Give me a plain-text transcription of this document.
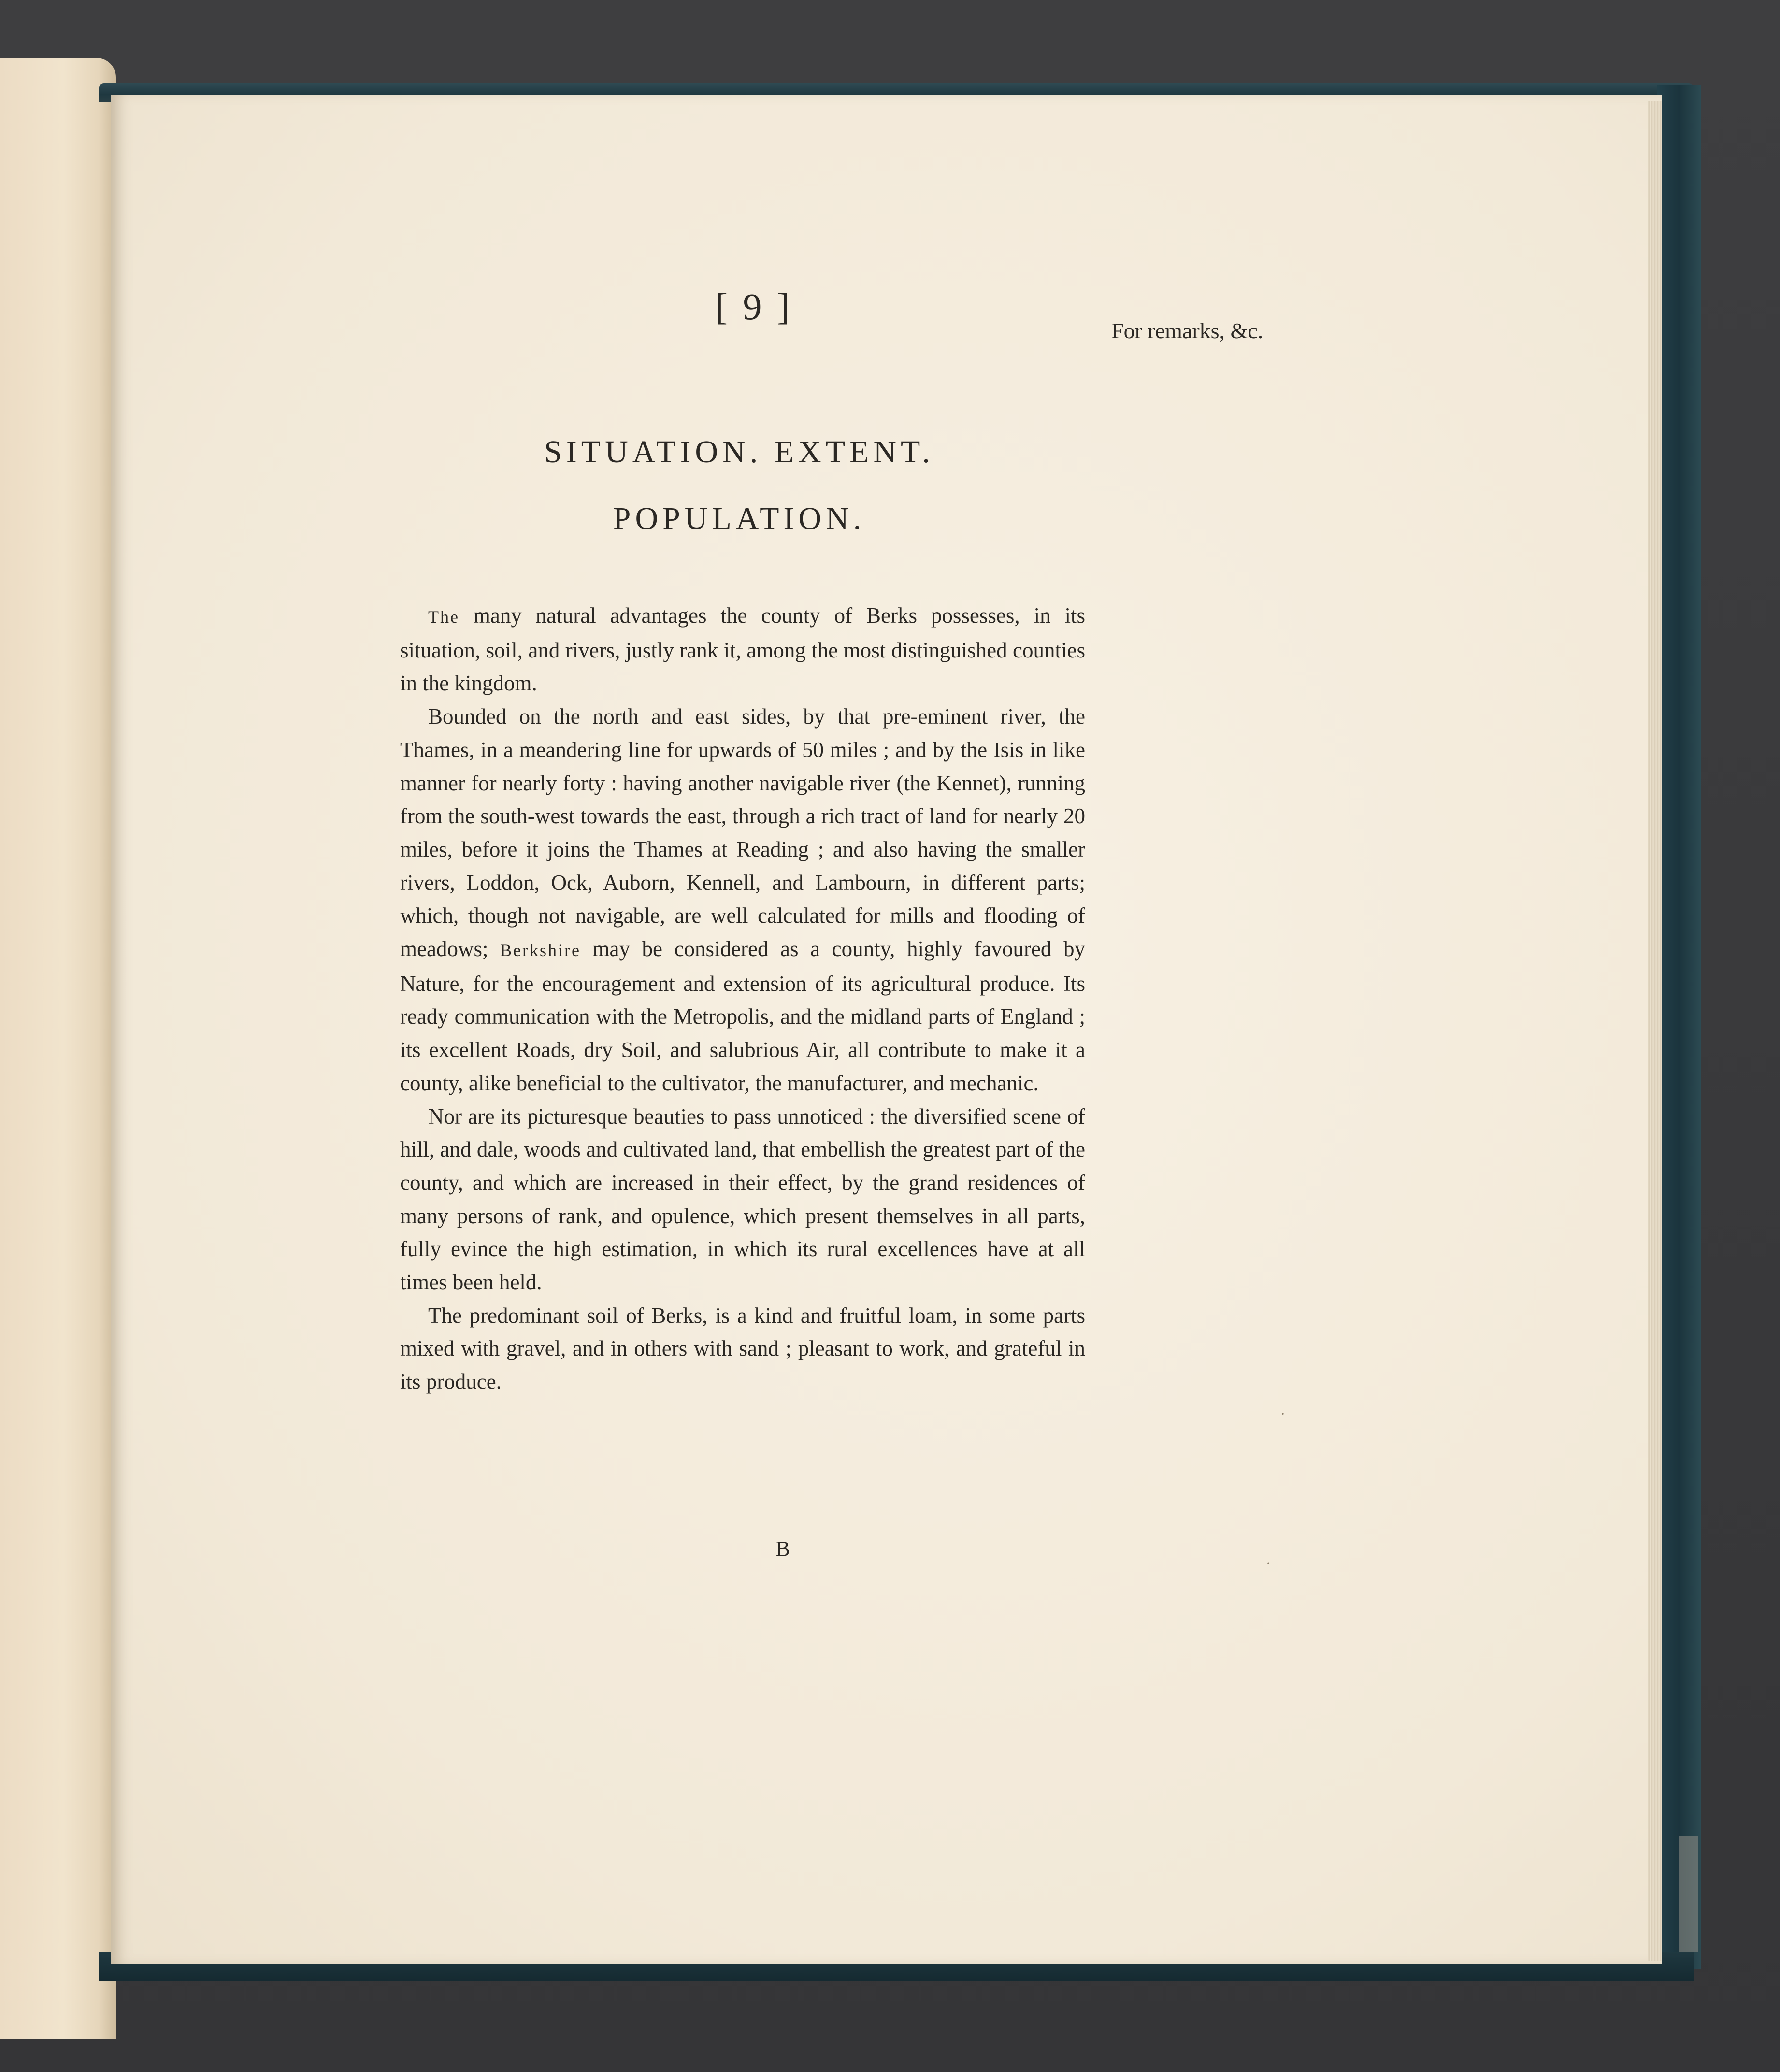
[ 9 ]
For remarks, &c.
SITUATION. EXTENT.
POPULATION.

The many natural advantages the county of Berks possesses, in its situation, soil, and rivers, justly rank it, among the most distinguished counties in the kingdom.

Bounded on the north and east sides, by that pre-eminent river, the Thames, in a meandering line for upwards of 50 miles ; and by the Isis in like manner for nearly forty : having another navigable river (the Kennet), running from the south-west towards the east, through a rich tract of land for nearly 20 miles, before it joins the Thames at Reading ; and also having the smaller rivers, Loddon, Ock, Auborn, Kennell, and Lambourn, in different parts; which, though not navigable, are well calculated for mills and flooding of meadows; Berkshire may be considered as a county, highly favoured by Nature, for the encouragement and extension of its agricultural produce. Its ready communication with the Metropolis, and the midland parts of England ; its excellent Roads, dry Soil, and salubrious Air, all contribute to make it a county, alike beneficial to the cultivator, the manufacturer, and mechanic.

Nor are its picturesque beauties to pass unnoticed : the diversified scene of hill, and dale, woods and cultivated land, that embellish the greatest part of the county, and which are increased in their effect, by the grand residences of many persons of rank, and opulence, which present themselves in all parts, fully evince the high estimation, in which its rural excellences have at all times been held.

The predominant soil of Berks, is a kind and fruitful loam, in some parts mixed with gravel, and in others with sand ; pleasant to work, and grateful in its produce.

B
·
·
